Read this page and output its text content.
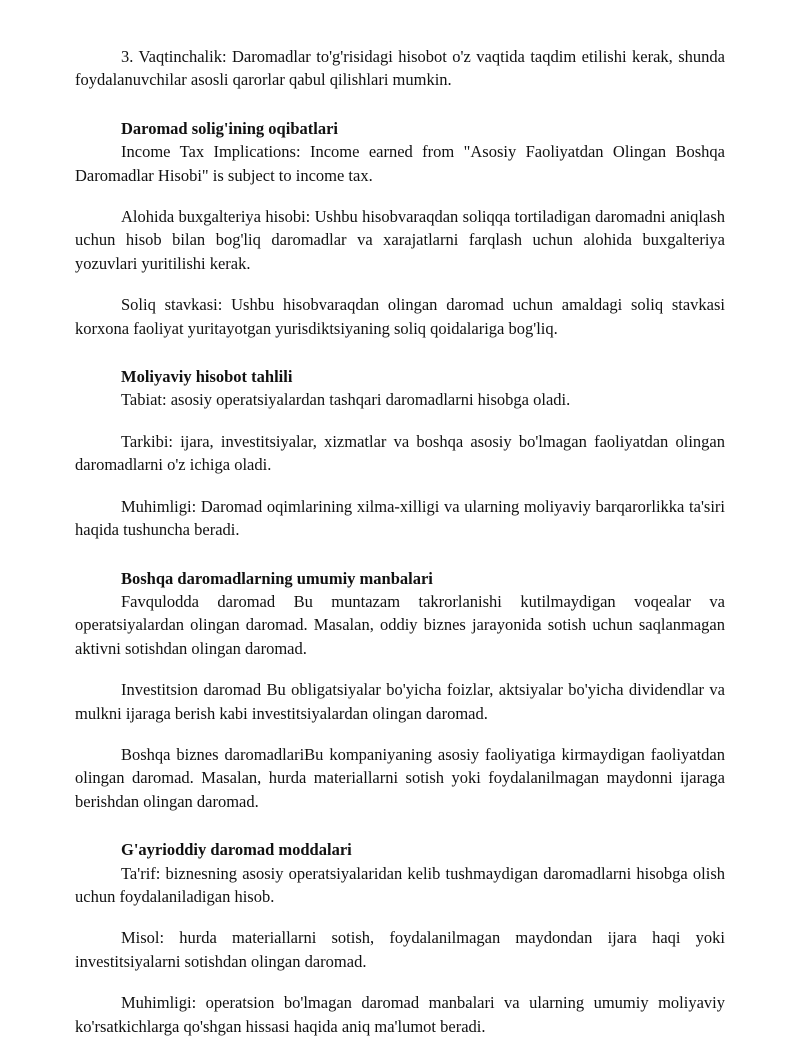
3. Vaqtinchalik: Daromadlar to'g'risidagi hisobot o'z vaqtida taqdim etilishi kerak, shunda foydalanuvchilar asosli qarorlar qabul qilishlari mumkin.

Daromad solig'ining oqibatlari

Income Tax Implications: Income earned from "Asosiy Faoliyatdan Olingan Boshqa Daromadlar Hisobi" is subject to income tax.

Alohida buxgalteriya hisobi: Ushbu hisobvaraqdan soliqqa tortiladigan daromadni aniqlash uchun hisob bilan bog'liq daromadlar va xarajatlarni farqlash uchun alohida buxgalteriya yozuvlari yuritilishi kerak.

Soliq stavkasi: Ushbu hisobvaraqdan olingan daromad uchun amaldagi soliq stavkasi korxona faoliyat yuritayotgan yurisdiktsiyaning soliq qoidalariga bog'liq.

Moliyaviy hisobot tahlili

Tabiat: asosiy operatsiyalardan tashqari daromadlarni hisobga oladi.

Tarkibi: ijara, investitsiyalar, xizmatlar va boshqa asosiy bo'lmagan faoliyatdan olingan daromadlarni o'z ichiga oladi.

Muhimligi: Daromad oqimlarining xilma-xilligi va ularning moliyaviy barqarorlikka ta'siri haqida tushuncha beradi.

Boshqa daromadlarning umumiy manbalari

Favqulodda daromad Bu muntazam takrorlanishi kutilmaydigan voqealar va operatsiyalardan olingan daromad. Masalan, oddiy biznes jarayonida sotish uchun saqlanmagan aktivni sotishdan olingan daromad.

Investitsion daromad Bu obligatsiyalar bo'yicha foizlar, aktsiyalar bo'yicha dividendlar va mulkni ijaraga berish kabi investitsiyalardan olingan daromad.

Boshqa biznes daromadlariBu kompaniyaning asosiy faoliyatiga kirmaydigan faoliyatdan olingan daromad. Masalan, hurda materiallarni sotish yoki foydalanilmagan maydonni ijaraga berishdan olingan daromad.

G'ayrioddiy daromad moddalari

Ta'rif: biznesning asosiy operatsiyalaridan kelib tushmaydigan daromadlarni hisobga olish uchun foydalaniladigan hisob.

Misol: hurda materiallarni sotish, foydalanilmagan maydondan ijara haqi yoki investitsiyalarni sotishdan olingan daromad.

Muhimligi: operatsion bo'lmagan daromad manbalari va ularning umumiy moliyaviy ko'rsatkichlarga qo'shgan hissasi haqida aniq ma'lumot beradi.
